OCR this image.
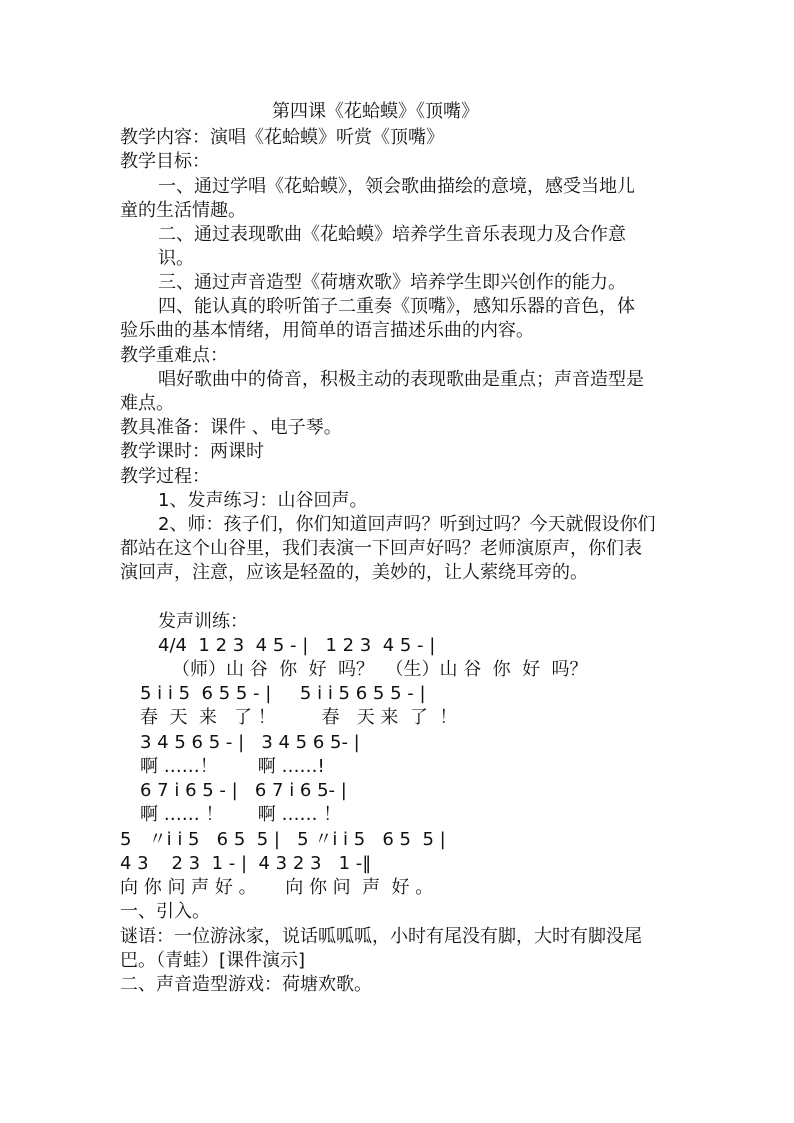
第四课《花蛤蟆》《顶嘴》
教学内容：演唱《花蛤蟆》听赏《顶嘴》
教学目标：
一、通过学唱《花蛤蟆》，领会歌曲描绘的意境，感受当地儿
童的生活情趣。
二、通过表现歌曲《花蛤蟆》培养学生音乐表现力及合作意
识。
三、通过声音造型《荷塘欢歌》培养学生即兴创作的能力。
四、能认真的聆听笛子二重奏《顶嘴》，感知乐器的音色，体
验乐曲的基本情绪，用简单的语言描述乐曲的内容。
教学重难点：
唱好歌曲中的倚音，积极主动的表现歌曲是重点；声音造型是
难点。
教具准备：课件 、电子琴。
教学课时：两课时
教学过程：
1、发声练习：山谷回声。
2、师：孩子们，你们知道回声吗？听到过吗？今天就假设你们
都站在这个山谷里，我们表演一下回声好吗？老师演原声，你们表
演回声，注意，应该是轻盈的，美妙的，让人萦绕耳旁的。
发声训练：
4/4  1 2 3  4 5 - |   1 2 3  4 5 - |
（师）山 谷  你  好  吗？  （生）山 谷  你  好  吗？
5 i i 5  6 5 5 - |     5 i i 5 6 5 5 - |
春  天  来   了 ！        春   天 来  了  ！
3 4 5 6 5 - |   3 4 5 6 5- |
啊 ……！       啊 ……!
6 7 i 6 5 - |   6 7 i 6 5- |
啊 …… ！      啊 …… ！
5   〃i i 5   6 5  5 |   5 〃i i 5   6 5  5 |
4 3    2 3  1 - |  4 3 2 3   1 -‖
向 你 问 声 好 。     向 你 问  声  好 。
一、引入。
谜语：一位游泳家，说话呱呱呱，小时有尾没有脚，大时有脚没尾
巴。（青蛙）[课件演示]
二、声音造型游戏：荷塘欢歌。
